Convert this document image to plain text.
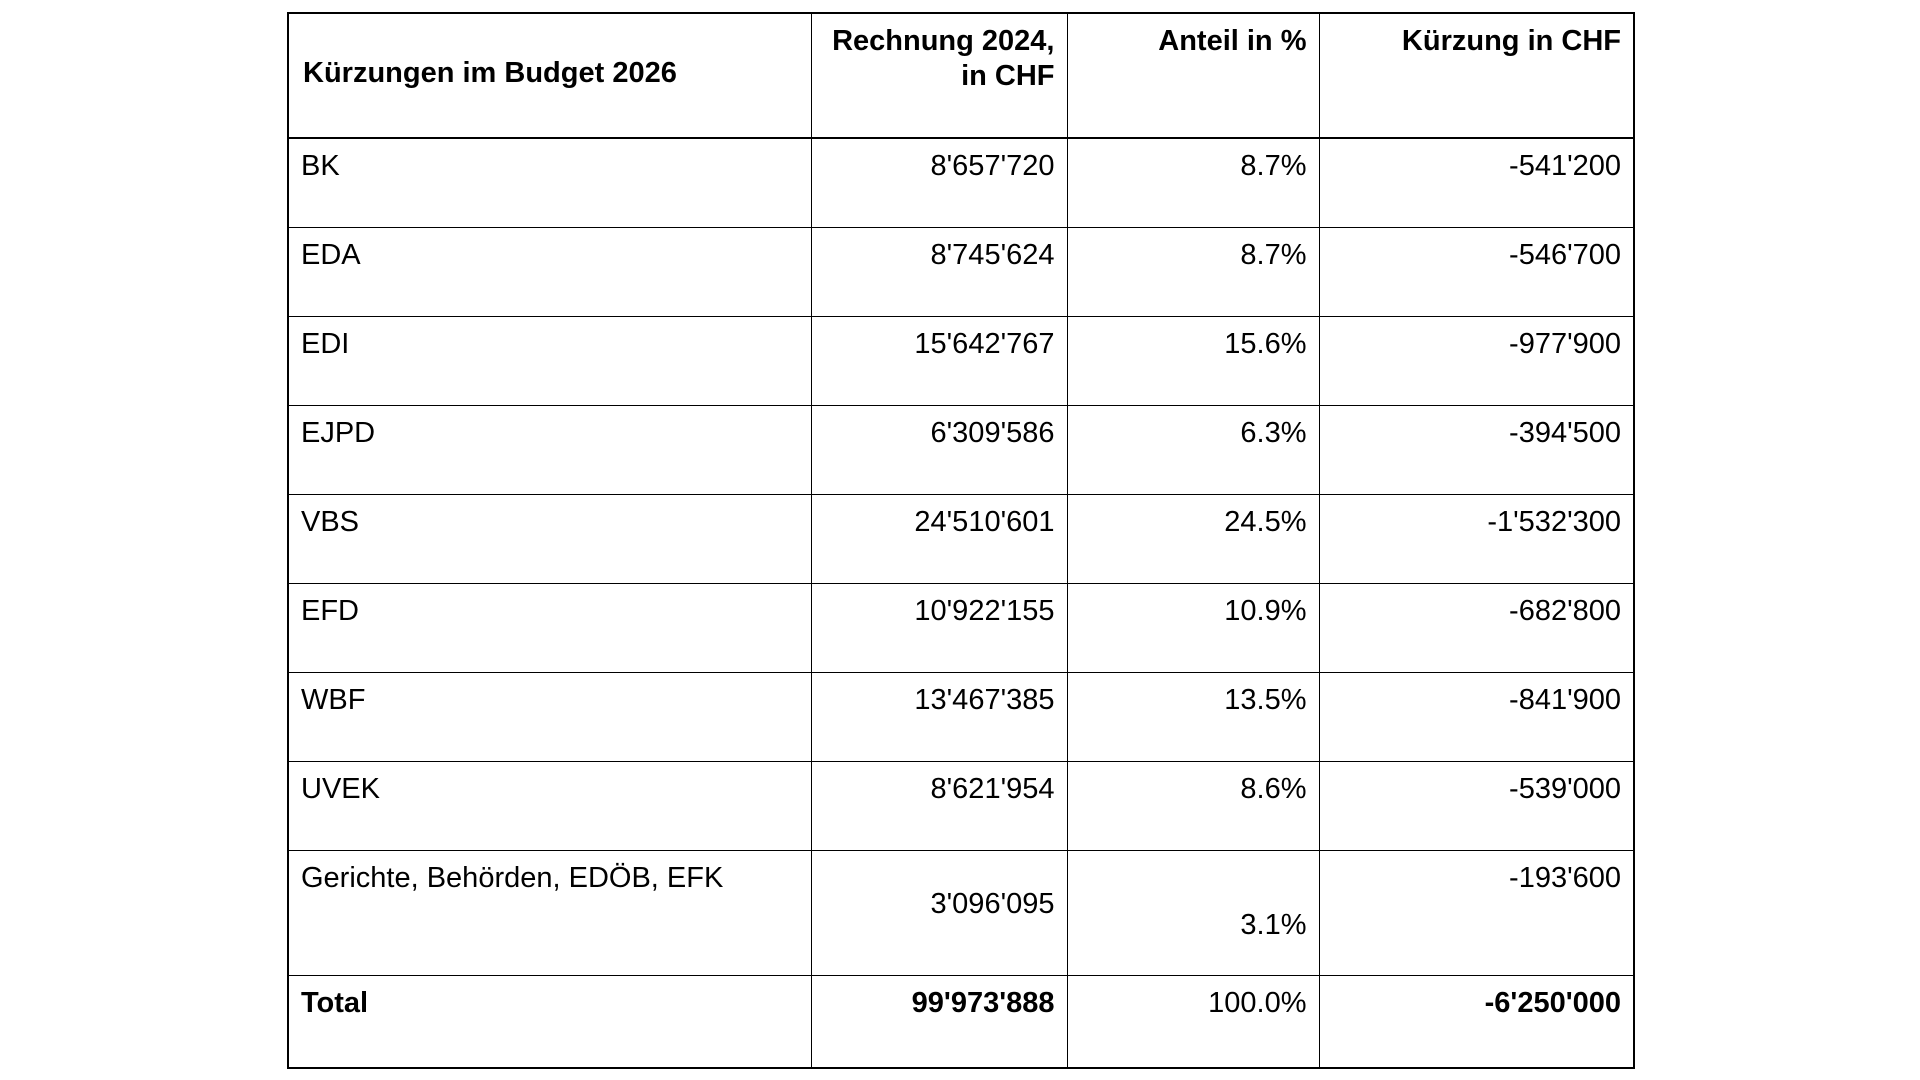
Kürzungen im Budget 2026	Rechnung 2024, in CHF	Anteil in %	Kürzung in CHF
BK	8'657'720	8.7%	-541'200
EDA	8'745'624	8.7%	-546'700
EDI	15'642'767	15.6%	-977'900
EJPD	6'309'586	6.3%	-394'500
VBS	24'510'601	24.5%	-1'532'300
EFD	10'922'155	10.9%	-682'800
WBF	13'467'385	13.5%	-841'900
UVEK	8'621'954	8.6%	-539'000
Gerichte, Behörden, EDÖB, EFK	3'096'095	3.1%	-193'600
Total	99'973'888	100.0%	-6'250'000
